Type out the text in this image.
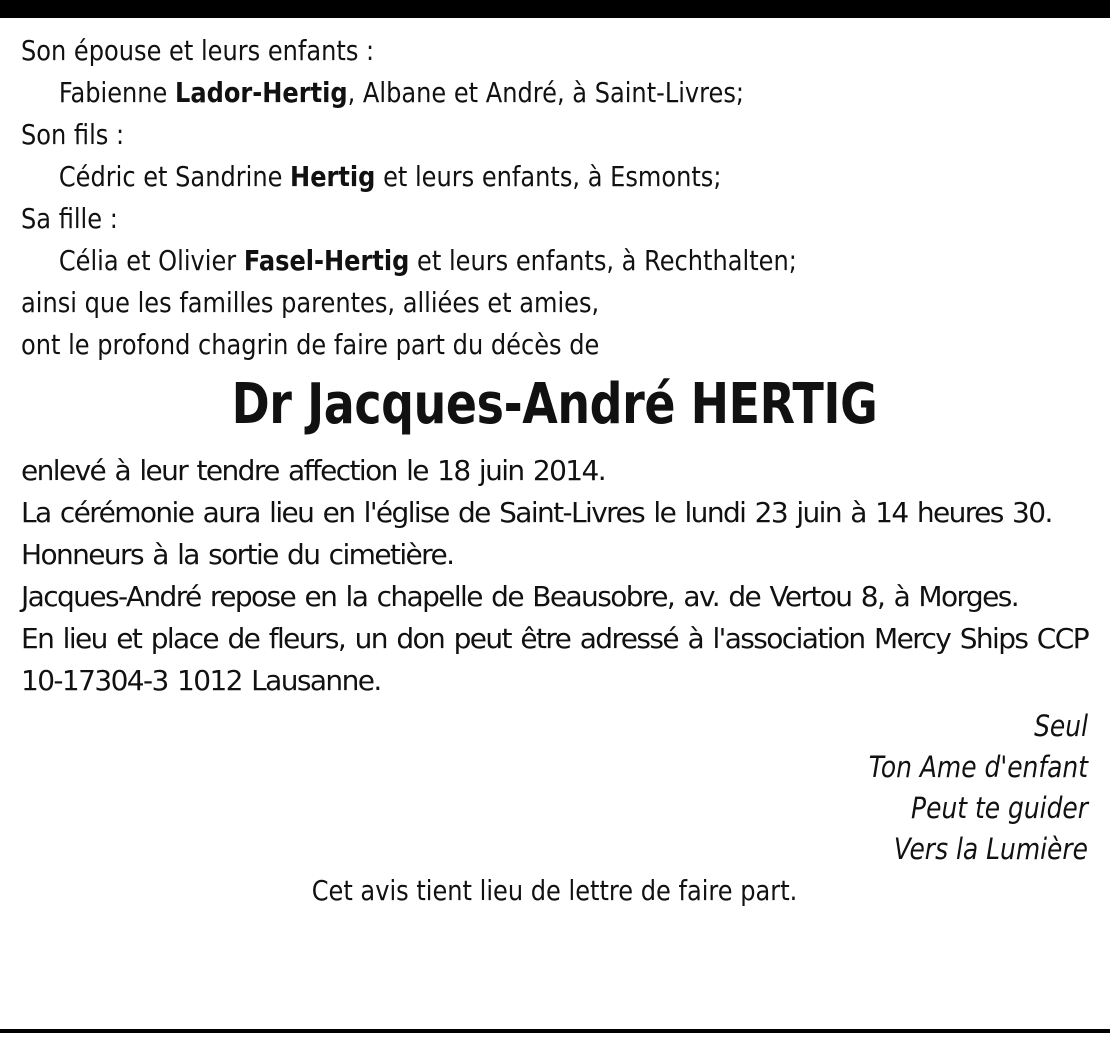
Son épouse et leurs enfants :
Fabienne Lador-Hertig, Albane et André, à Saint-Livres;
Son fils :
Cédric et Sandrine Hertig et leurs enfants, à Esmonts;
Sa fille :
Célia et Olivier Fasel-Hertig et leurs enfants, à Rechthalten;
ainsi que les familles parentes, alliées et amies,
ont le profond chagrin de faire part du décès de
Dr Jacques-André HERTIG
enlevé à leur tendre affection le 18 juin 2014.
La cérémonie aura lieu en l'église de Saint-Livres le lundi 23 juin à 14 heures 30.
Honneurs à la sortie du cimetière.
Jacques-André repose en la chapelle de Beausobre, av. de Vertou 8, à Morges.
En lieu et place de fleurs, un don peut être adressé à l'association Mercy Ships CCP 10-17304-3 1012 Lausanne.
Seul
Ton Ame d'enfant
Peut te guider
Vers la Lumière
Cet avis tient lieu de lettre de faire part.
